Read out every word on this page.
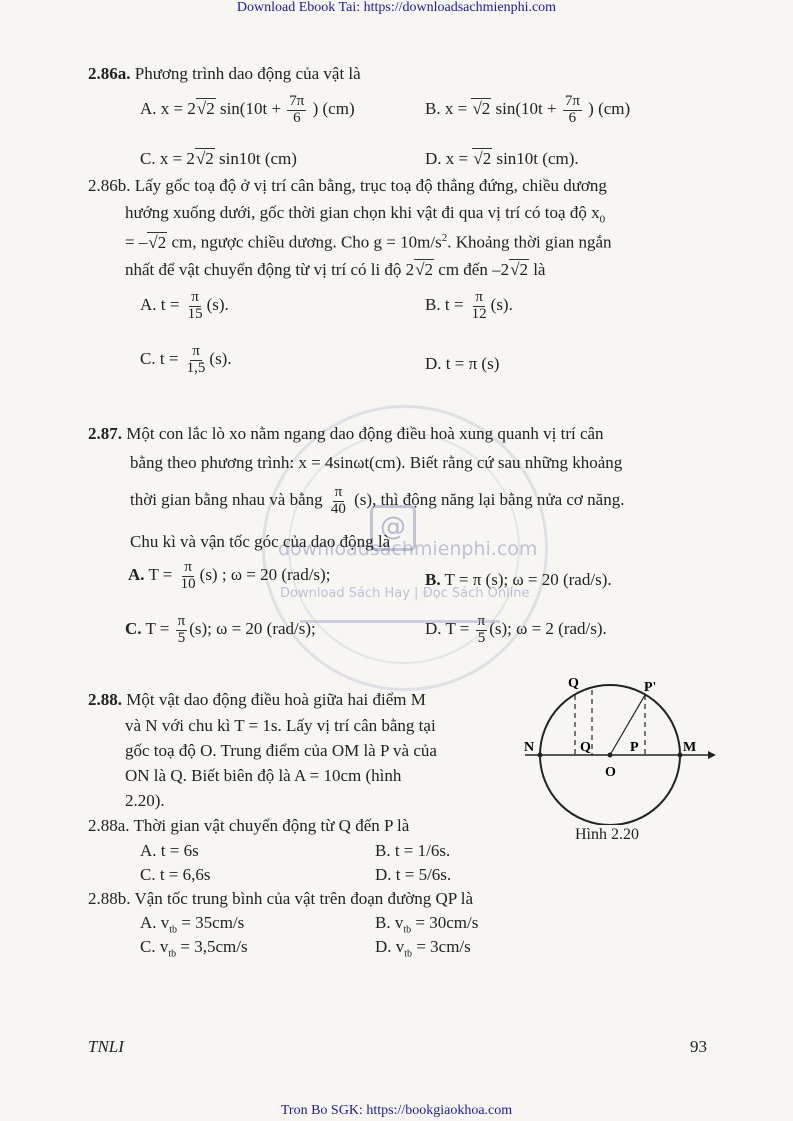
@
downloadsachmienphi.com
Download Sách Hay | Đọc Sách Online
Download Ebook Tai: https://downloadsachmienphi.com
Tron Bo SGK: https://bookgiaokhoa.com
2.86a. Phương trình dao động của vật là
A. x = 2 √ 2 $\sin(10t + \frac{7\pi}{6}$ ) (cm)	B. x = √ 2 $\sin(10t + \frac{7\pi}{6}$ ) (cm)
C. x = 2 √ 2 sin10t (cm)	D. x = √ 2 sin10t (cm).
2.86b. Lấy gốc toạ độ ở vị trí cân bằng, trục toạ độ thẳng đứng, chiều dương
hướng xuống dưới, gốc thời gian chọn khi vật đi qua vị trí có toạ độ $x_0$
= – √ 2 cm, ngược chiều dương. Cho $g = 10m/s^2$. Khoảng thời gian ngắn
nhất để vật chuyển động từ vị trí có li độ 2 √ 2 cm đến –2 √ 2 là
A. $t = \frac{\pi}{15} (s)$.	B. $t = \frac{\pi}{12} (s)$.
C. $t = \frac{\pi}{1,5} (s)$.	D. t = π (s)
2.87. Một con lắc lò xo nằm ngang dao động điều hoà xung quanh vị trí cân
bằng theo phương trình: x = 4sinωt(cm). Biết rằng cứ sau những khoảng
thời gian bằng nhau và bằng $\frac{\pi}{40} (s)$, thì động năng lại bằng nửa cơ năng.
Chu kì và vận tốc góc của dao động là
A. $T = \frac{\pi}{10} (s)$ ; ω = 20 (rad/s);	B. T = π (s); ω = 20 (rad/s).
C. $T = \frac{\pi}{5} (s)$; ω = 20 (rad/s);	D. $T = \frac{\pi}{5} (s)$; ω = 2 (rad/s).
2.88. Một vật dao động điều hoà giữa hai điểm M
và N với chu kì T = 1s. Lấy vị trí cân bằng tại
gốc toạ độ O. Trung điểm của OM là P và của
ON là Q. Biết biên độ là A = 10cm (hình
2.20).
2.88a. Thời gian vật chuyển động từ Q đến P là
A. t = 6s	B. t = 1/6s.
C. t = 6,6s	D. t = 5/6s.
2.88b. Vận tốc trung bình của vật trên đoạn đường QP là
A. $v_{tb} = 35cm/s$	B. $v_{tb} = 30cm/s$
C. $v_{tb} = 3,5cm/s$	D. $v_{tb} = 3cm/s$
Q	P'
N	Q	P	M
O
Hình 2.20
TNLI	93
